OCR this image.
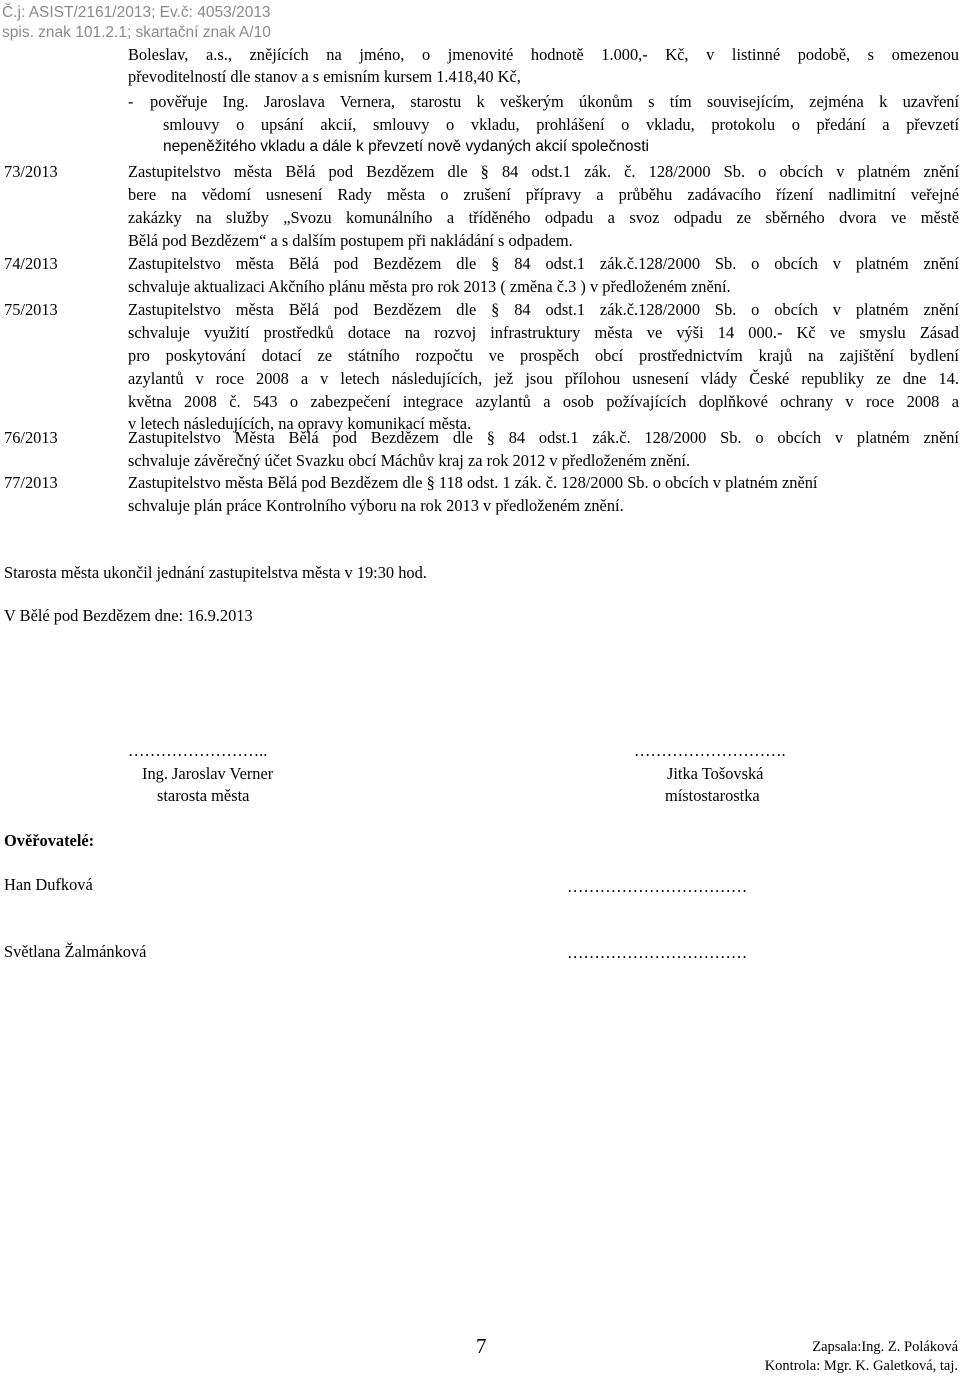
Č.j: ASIST/2161/2013; Ev.č: 4053/2013
spis. znak 101.2.1; skartační znak A/10
Boleslav, a.s., znějících na jméno, o jmenovité hodnotě 1.000,- Kč, v listinné podobě, s omezenou
převoditelností dle stanov a s emisním kursem 1.418,40 Kč,
- pověřuje Ing. Jaroslava Vernera, starostu k veškerým úkonům s tím souvisejícím, zejména k uzavření
smlouvy o upsání akcií, smlouvy o vkladu, prohlášení o vkladu, protokolu o předání a převzetí
nepeněžitého vkladu a dále k převzetí nově vydaných akcií společnosti
73/2013	Zastupitelstvo města Bělá pod Bezdězem dle § 84 odst.1 zák. č. 128/2000 Sb. o obcích v platném znění
bere na vědomí usnesení Rady města o zrušení přípravy a průběhu zadávacího řízení nadlimitní veřejné
zakázky na služby „Svozu komunálního a tříděného odpadu a svoz odpadu ze sběrného dvora ve městě
Bělá pod Bezdězem“ a s dalším postupem při nakládání s odpadem.
74/2013	Zastupitelstvo města Bělá pod Bezdězem dle § 84 odst.1 zák.č.128/2000 Sb. o obcích v platném znění
schvaluje aktualizaci Akčního plánu města pro rok 2013 ( změna č.3 ) v předloženém znění.
75/2013	Zastupitelstvo města Bělá pod Bezdězem dle § 84 odst.1 zák.č.128/2000 Sb. o obcích v platném znění
schvaluje využití prostředků dotace na rozvoj infrastruktury města ve výši 14 000.- Kč ve smyslu Zásad
pro poskytování dotací ze státního rozpočtu ve prospěch obcí prostřednictvím krajů na zajištění bydlení
azylantů v roce 2008 a v letech následujících, jež jsou přílohou usnesení vlády České republiky ze dne 14.
května 2008 č. 543 o zabezpečení integrace azylantů a osob požívajících doplňkové ochrany v roce 2008 a
v letech následujících, na opravy komunikací města.
76/2013	Zastupitelstvo Města Bělá pod Bezdězem dle § 84 odst.1 zák.č. 128/2000 Sb. o obcích v platném znění
schvaluje závěrečný účet Svazku obcí Máchův kraj za rok 2012 v předloženém znění.
77/2013	Zastupitelstvo města Bělá pod Bezdězem dle § 118 odst. 1 zák. č. 128/2000 Sb. o obcích v platném znění
schvaluje plán práce Kontrolního výboru na rok 2013 v předloženém znění.
Starosta města ukončil jednání zastupitelstva města v 19:30 hod.
V Bělé pod Bezdězem dne: 16.9.2013
……………………..
Ing. Jaroslav Verner
starosta města
……………………….
Jitka Tošovská
místostarostka
Ověřovatelé:
Han Dufková	……………………………
Světlana Žalmánková	……………………………
7	Zapsala:Ing. Z. Poláková
Kontrola: Mgr. K. Galetková, taj.
